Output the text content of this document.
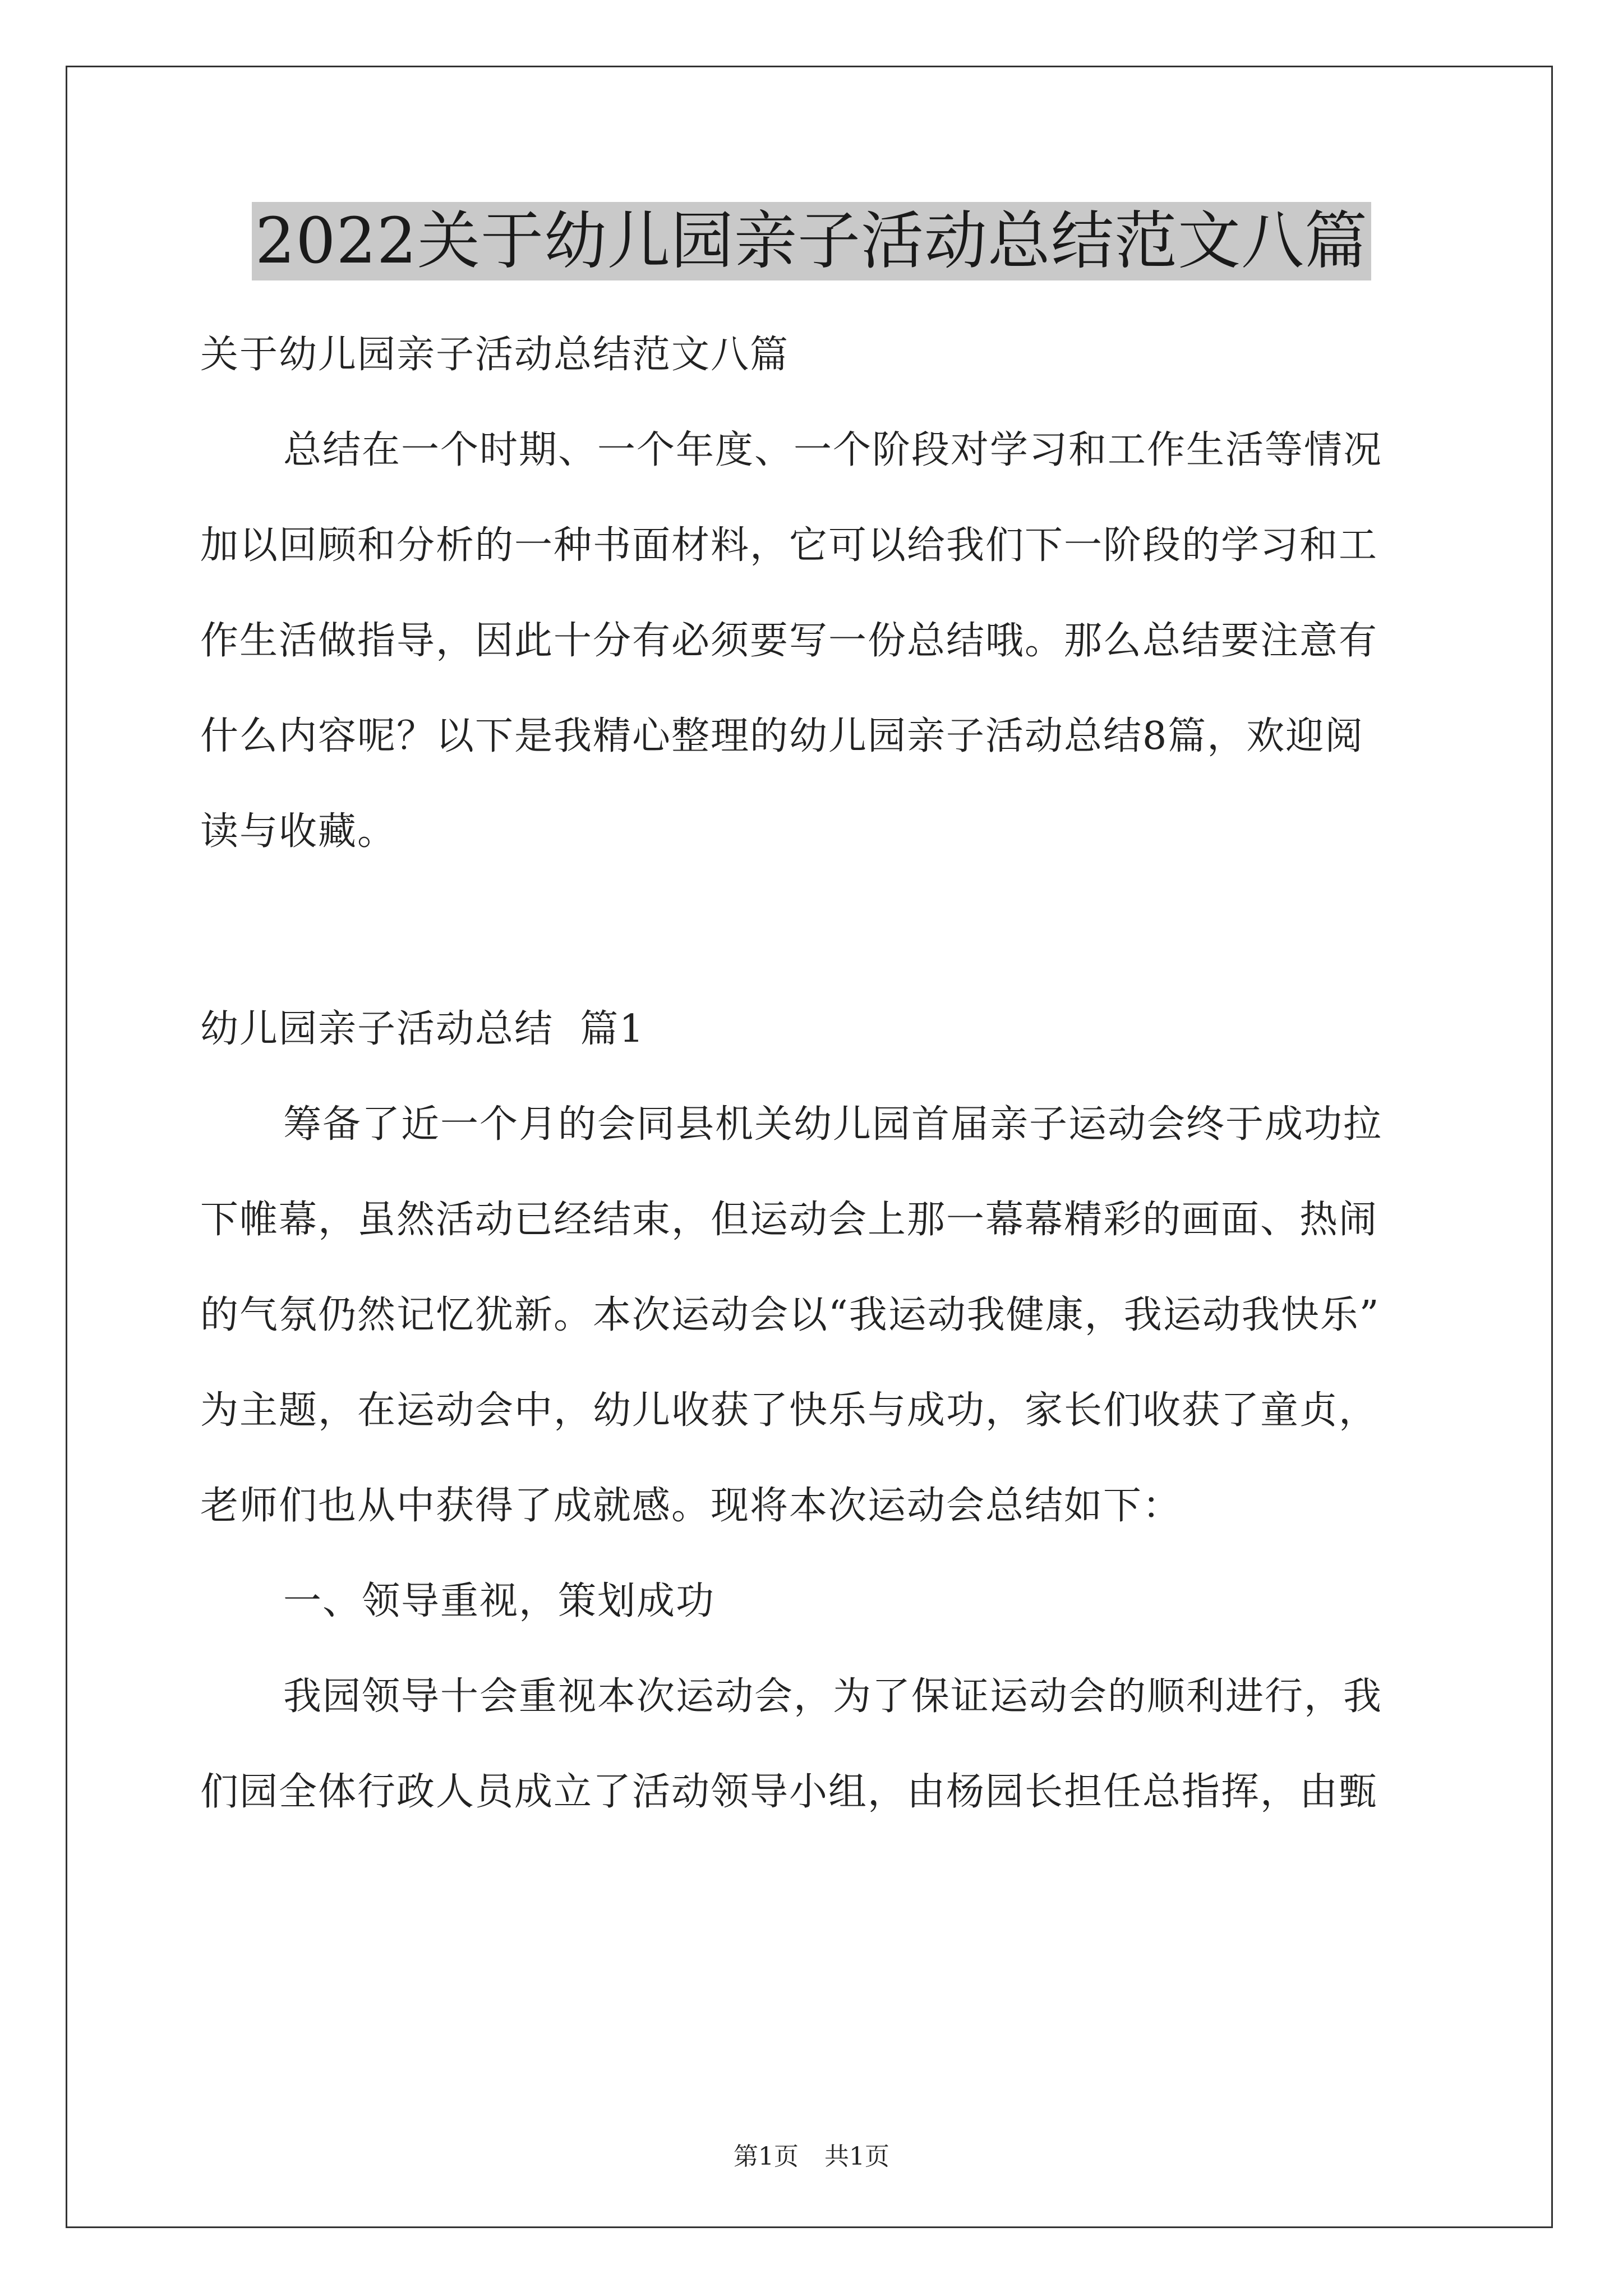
2022关于幼儿园亲子活动总结范文八篇
关于幼儿园亲子活动总结范文八篇
总结在一个时期、一个年度、一个阶段对学习和工作生活等情况
加以回顾和分析的一种书面材料，它可以给我们下一阶段的学习和工
作生活做指导，因此十分有必须要写一份总结哦。那么总结要注意有
什么内容呢？以下是我精心整理的幼儿园亲子活动总结8篇，欢迎阅
读与收藏。
幼儿园亲子活动总结  篇1
筹备了近一个月的会同县机关幼儿园首届亲子运动会终于成功拉
下帷幕，虽然活动已经结束，但运动会上那一幕幕精彩的画面、热闹
的气氛仍然记忆犹新。本次运动会以“我运动我健康，我运动我快乐”
为主题，在运动会中，幼儿收获了快乐与成功，家长们收获了童贞，
老师们也从中获得了成就感。现将本次运动会总结如下：
一、领导重视，策划成功
我园领导十会重视本次运动会，为了保证运动会的顺利进行，我
们园全体行政人员成立了活动领导小组，由杨园长担任总指挥，由甄
第1页 共1页
